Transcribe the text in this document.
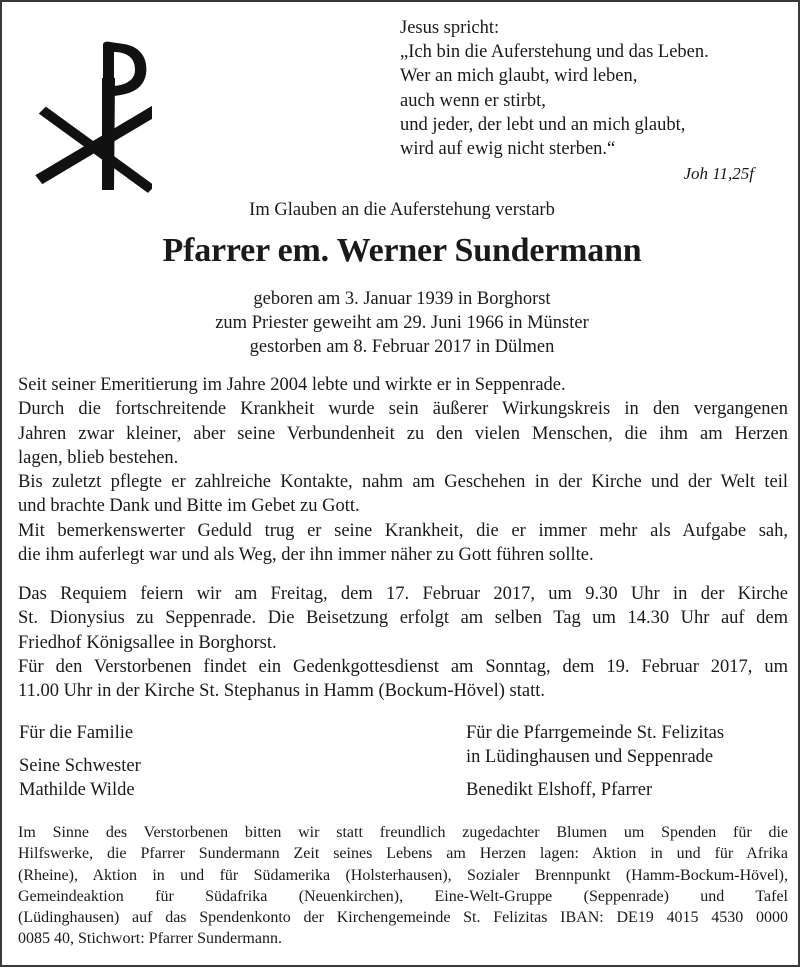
Jesus spricht:
„Ich bin die Auferstehung und das Leben.
Wer an mich glaubt, wird leben,
auch wenn er stirbt,
und jeder, der lebt und an mich glaubt,
wird auf ewig nicht sterben.“
Joh 11,25f
Im Glauben an die Auferstehung verstarb
Pfarrer em. Werner Sundermann
geboren am 3. Januar 1939 in Borghorst
zum Priester geweiht am 29. Juni 1966 in Münster
gestorben am 8. Februar 2017 in Dülmen
Seit seiner Emeritierung im Jahre 2004 lebte und wirkte er in Seppenrade.
Durch die fortschreitende Krankheit wurde sein äußerer Wirkungskreis in den vergangenen
Jahren zwar kleiner, aber seine Verbundenheit zu den vielen Menschen, die ihm am Herzen
lagen, blieb bestehen.
Bis zuletzt pflegte er zahlreiche Kontakte, nahm am Geschehen in der Kirche und der Welt teil
und brachte Dank und Bitte im Gebet zu Gott.
Mit bemerkenswerter Geduld trug er seine Krankheit, die er immer mehr als Aufgabe sah,
die ihm auferlegt war und als Weg, der ihn immer näher zu Gott führen sollte.
Das Requiem feiern wir am Freitag, dem 17. Februar 2017, um 9.30 Uhr in der Kirche
St. Dionysius zu Seppenrade. Die Beisetzung erfolgt am selben Tag um 14.30 Uhr auf dem
Friedhof Königsallee in Borghorst.
Für den Verstorbenen findet ein Gedenkgottesdienst am Sonntag, dem 19. Februar 2017, um
11.00 Uhr in der Kirche St. Stephanus in Hamm (Bockum-Hövel) statt.
Für die Familie
Seine Schwester
Mathilde Wilde
Für die Pfarrgemeinde St. Felizitas
in Lüdinghausen und Seppenrade
Benedikt Elshoff, Pfarrer
Im Sinne des Verstorbenen bitten wir statt freundlich zugedachter Blumen um Spenden für die
Hilfswerke, die Pfarrer Sundermann Zeit seines Lebens am Herzen lagen: Aktion in und für Afrika
(Rheine), Aktion in und für Südamerika (Holsterhausen), Sozialer Brennpunkt (Hamm-Bockum-Hövel),
Gemeindeaktion für Südafrika (Neuenkirchen), Eine-Welt-Gruppe (Seppenrade) und Tafel
(Lüdinghausen) auf das Spendenkonto der Kirchengemeinde St. Felizitas IBAN: DE19 4015 4530 0000
0085 40, Stichwort: Pfarrer Sundermann.
